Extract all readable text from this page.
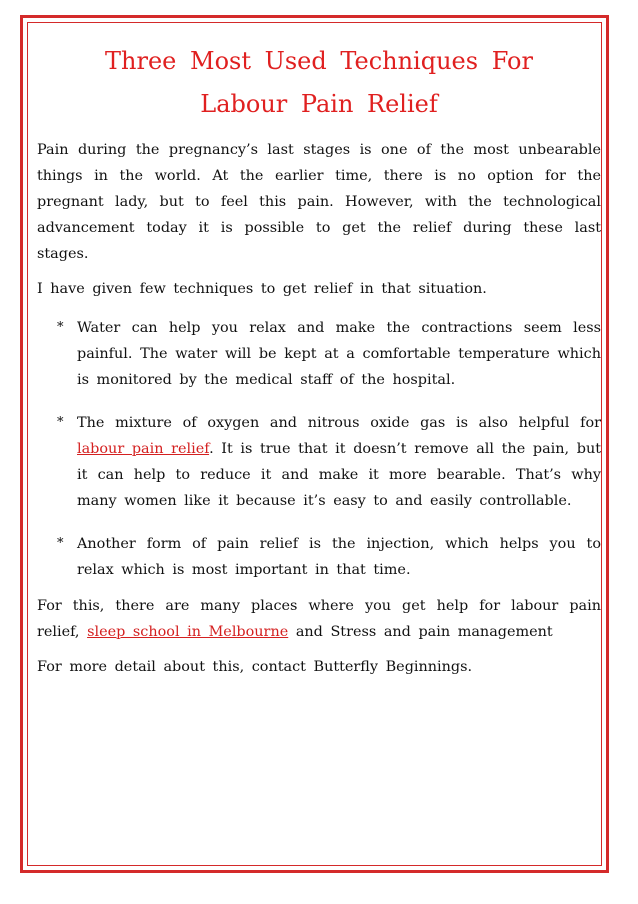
Three Most Used Techniques For
Labour Pain Relief

Pain during the pregnancy’s last stages is one of the most unbearable things in the world. At the earlier time, there is no option for the pregnant lady, but to feel this pain. However, with the technological advancement today it is possible to get the relief during these last stages.

I have given few techniques to get relief in that situation.

* Water can help you relax and make the contractions seem less painful. The water will be kept at a comfortable temperature which is monitored by the medical staff of the hospital.
* The mixture of oxygen and nitrous oxide gas is also helpful for labour pain relief. It is true that it doesn’t remove all the pain, but it can help to reduce it and make it more bearable. That’s why many women like it because it’s easy to and easily controllable.
* Another form of pain relief is the injection, which helps you to relax which is most important in that time.

For this, there are many places where you get help for labour pain relief, sleep school in Melbourne and Stress and pain management

For more detail about this, contact Butterfly Beginnings.
